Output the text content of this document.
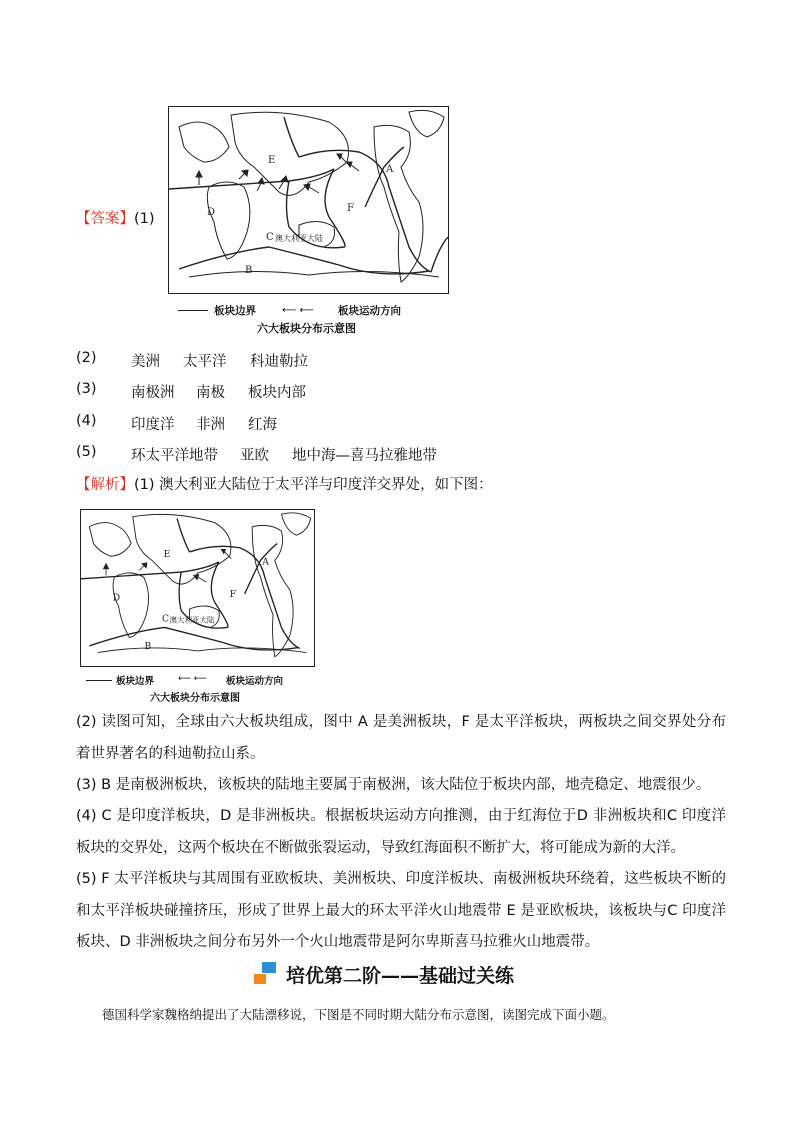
【答案】(1)
A
B
C
D
E
F
澳大利亚大陆
板块边界	⟵ ⟵ 板块运动方向
六大板块分布示意图
(2) 美洲 太平洋 科迪勒拉
(3) 南极洲 南极 板块内部
(4) 印度洋 非洲 红海
(5) 环太平洋地带 亚欧 地中海—喜马拉雅地带
【解析】(1) 澳大利亚大陆位于太平洋与印度洋交界处，如下图：
A
B
C
D
E
F
澳大利亚大陆
板块边界	⟵ ⟵ 板块运动方向
六大板块分布示意图
(2) 读图可知，全球由六大板块组成，图中 A 是美洲板块，F 是太平洋板块，两板块之间交界处分布着世界著名的科迪勒拉山系。
(3) B 是南极洲板块，该板块的陆地主要属于南极洲，该大陆位于板块内部，地壳稳定、地震很少。
(4) C 是印度洋板块，D 是非洲板块。根据板块运动方向推测，由于红海位于D 非洲板块和C 印度洋板块的交界处，这两个板块在不断做张裂运动，导致红海面积不断扩大，将可能成为新的大洋。
(5) F 太平洋板块与其周围有亚欧板块、美洲板块、印度洋板块、南极洲板块环绕着，这些板块不断的和太平洋板块碰撞挤压，形成了世界上最大的环太平洋火山地震带 E 是亚欧板块，该板块与C 印度洋板块、D 非洲板块之间分布另外一个火山地震带是阿尔卑斯喜马拉雅火山地震带。
培优第二阶——基础过关练
德国科学家魏格纳提出了大陆漂移说，下图是不同时期大陆分布示意图，读图完成下面小题。
